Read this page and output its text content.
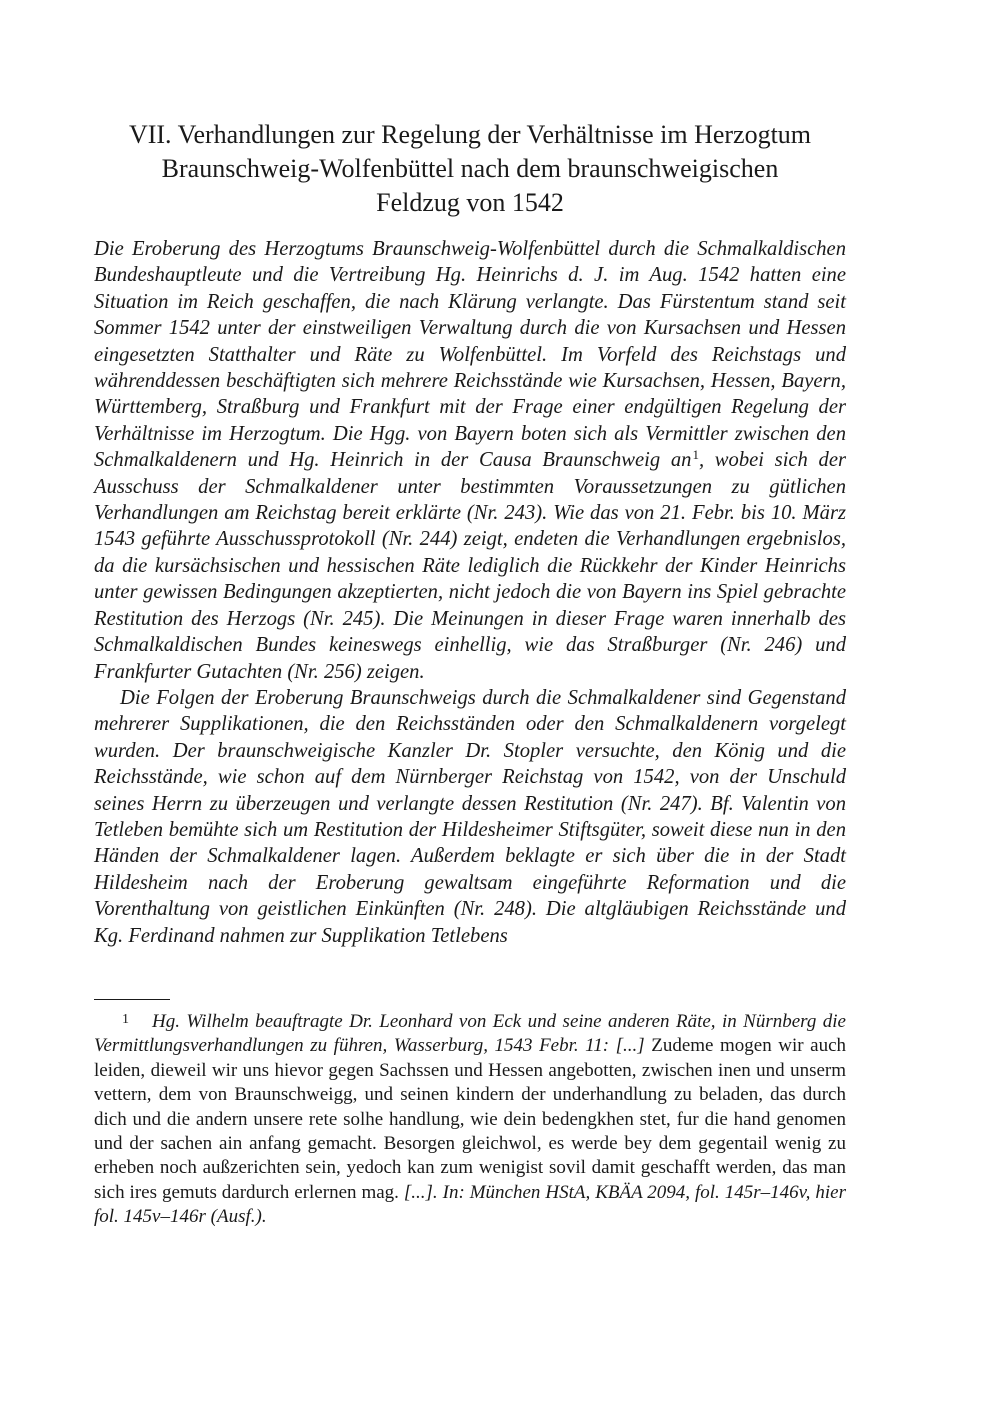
VII. Verhandlungen zur Regelung der Verhältnisse im Herzogtum
Braunschweig-Wolfenbüttel nach dem braunschweigischen
Feldzug von 1542

Die Eroberung des Herzogtums Braunschweig-Wolfenbüttel durch die Schmalkaldischen Bundeshauptleute und die Vertreibung Hg. Heinrichs d. J. im Aug. 1542 hatten eine Situation im Reich geschaffen, die nach Klärung verlangte. Das Fürstentum stand seit Sommer 1542 unter der einstweiligen Verwaltung durch die von Kursachsen und Hessen eingesetzten Statthalter und Räte zu Wolfenbüttel. Im Vorfeld des Reichstags und währenddessen beschäftigten sich mehrere Reichsstände wie Kursachsen, Hessen, Bayern, Württemberg, Straßburg und Frankfurt mit der Frage einer endgültigen Regelung der Verhältnisse im Herzogtum. Die Hgg. von Bayern boten sich als Vermittler zwischen den Schmalkaldenern und Hg. Heinrich in der Causa Braunschweig an$^1$, wobei sich der Ausschuss der Schmalkaldener unter bestimmten Voraussetzungen zu gütlichen Verhandlungen am Reichstag bereit erklärte (Nr. 243). Wie das von 21. Febr. bis 10. März 1543 geführte Ausschussprotokoll (Nr. 244) zeigt, endeten die Verhandlungen ergebnislos, da die kursächsischen und hessischen Räte lediglich die Rückkehr der Kinder Heinrichs unter gewissen Bedingungen akzeptierten, nicht jedoch die von Bayern ins Spiel gebrachte Restitution des Herzogs (Nr. 245). Die Meinungen in dieser Frage waren innerhalb des Schmalkaldischen Bundes keineswegs einhellig, wie das Straßburger (Nr. 246) und Frankfurter Gutachten (Nr. 256) zeigen.

Die Folgen der Eroberung Braunschweigs durch die Schmalkaldener sind Gegenstand mehrerer Supplikationen, die den Reichsständen oder den Schmalkaldenern vorgelegt wurden. Der braunschweigische Kanzler Dr. Stopler versuchte, den König und die Reichsstände, wie schon auf dem Nürnberger Reichstag von 1542, von der Unschuld seines Herrn zu überzeugen und verlangte dessen Restitution (Nr. 247). Bf. Valentin von Tetleben bemühte sich um Restitution der Hildesheimer Stiftsgüter, soweit diese nun in den Händen der Schmalkaldener lagen. Außerdem beklagte er sich über die in der Stadt Hildesheim nach der Eroberung gewaltsam eingeführte Reformation und die Vorenthaltung von geistlichen Einkünften (Nr. 248). Die altgläubigen Reichsstände und Kg. Ferdinand nahmen zur Supplikation Tetlebens

1 Hg. Wilhelm beauftragte Dr. Leonhard von Eck und seine anderen Räte, in Nürnberg die Vermittlungsverhandlungen zu führen, Wasserburg, 1543 Febr. 11: [...] Zudeme mogen wir auch leiden, dieweil wir uns hievor gegen Sachssen und Hessen angebotten, zwischen inen und unserm vettern, dem von Braunschweigg, und seinen kindern der underhandlung zu beladen, das durch dich und die andern unsere rete solhe handlung, wie dein bedengkhen stet, fur die hand genomen und der sachen ain anfang gemacht. Besorgen gleichwol, es werde bey dem gegentail wenig zu erheben noch außzerichten sein, yedoch kan zum wenigist sovil damit geschafft werden, das man sich ires gemuts dardurch erlernen mag. [...]. In: München HStA, KBÄA 2094, fol. 145r–146v, hier fol. 145v–146r (Ausf.).
